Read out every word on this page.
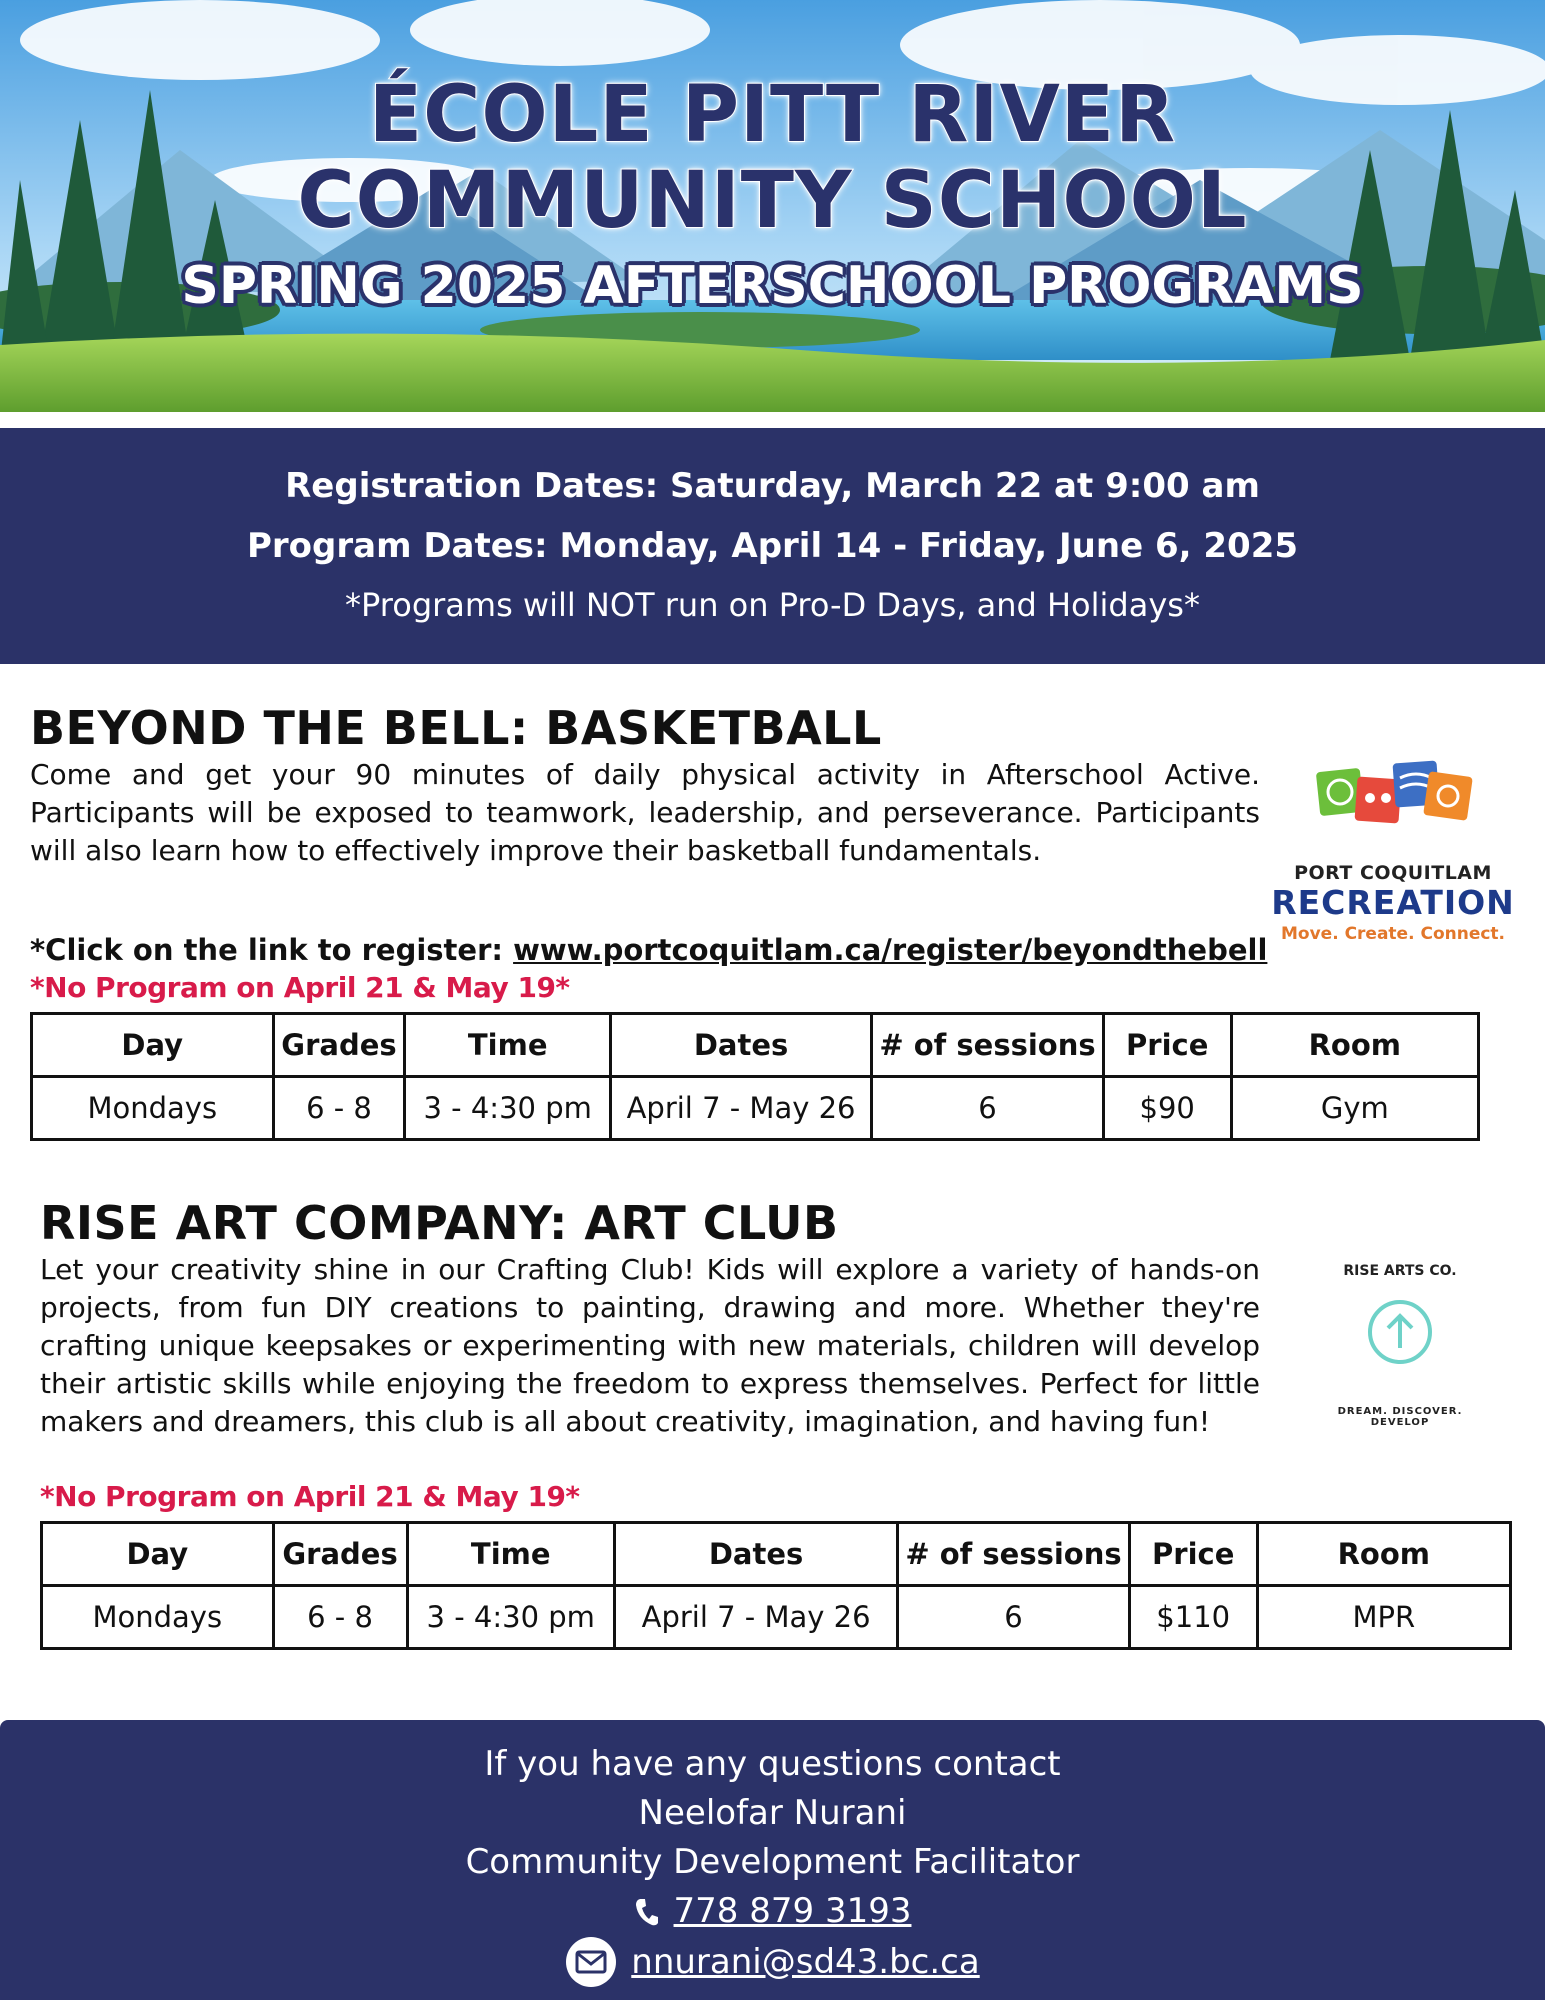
ÉCOLE PITT RIVER
COMMUNITY SCHOOL
SPRING 2025 AFTERSCHOOL PROGRAMS
Registration Dates: Saturday, March 22 at 9:00 am
Program Dates: Monday, April 14 - Friday, June 6, 2025
*Programs will NOT run on Pro-D Days, and Holidays*
BEYOND THE BELL: BASKETBALL
Come and get your 90 minutes of daily physical activity in Afterschool Active. Participants will be exposed to teamwork, leadership, and perseverance. Participants will also learn how to effectively improve their basketball fundamentals.
*Click on the link to register: www.portcoquitlam.ca/register/beyondthebell
*No Program on April 21 & May 19*
Day	Grades	Time	Dates	# of sessions	Price	Room
Mondays	6 - 8	3 - 4:30 pm	April 7 - May 26	6	$90	Gym
PORT COQUITLAM
RECREATION
Move. Create. Connect.
RISE ART COMPANY: ART CLUB
Let your creativity shine in our Crafting Club! Kids will explore a variety of hands-on projects, from fun DIY creations to painting, drawing and more. Whether they're crafting unique keepsakes or experimenting with new materials, children will develop their artistic skills while enjoying the freedom to express themselves. Perfect for little makers and dreamers, this club is all about creativity, imagination, and having fun!
*No Program on April 21 & May 19*
Day	Grades	Time	Dates	# of sessions	Price	Room
Mondays	6 - 8	3 - 4:30 pm	April 7 - May 26	6	$110	MPR
RISE ARTS CO.
DREAM. DISCOVER. DEVELOP
If you have any questions contact
Neelofar Nurani
Community Development Facilitator
778 879 3193
nnurani@sd43.bc.ca
